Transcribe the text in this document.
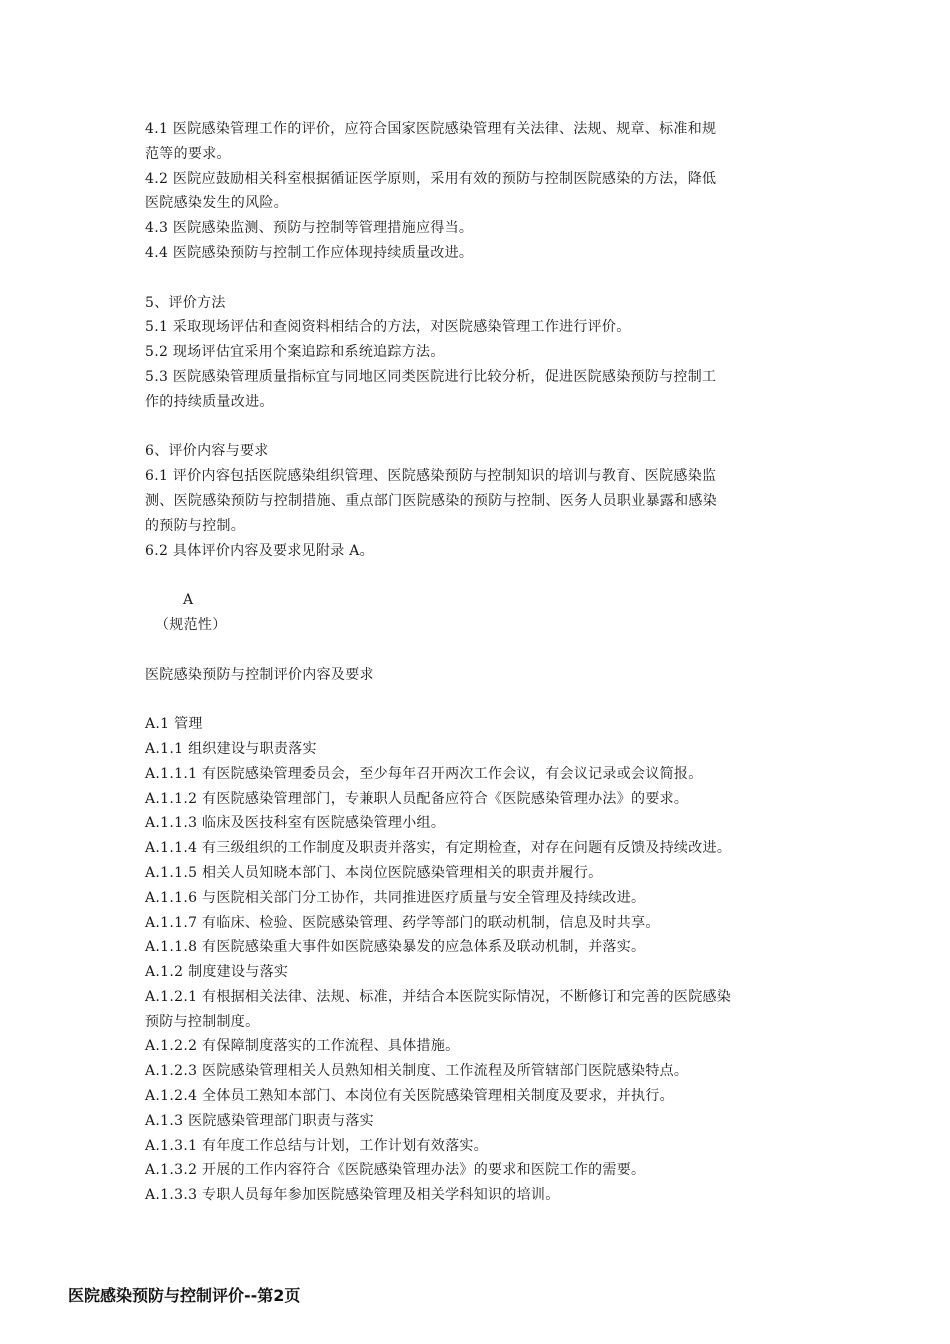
4.1 医院感染管理工作的评价，应符合国家医院感染管理有关法律、法规、规章、标准和规
范等的要求。
4.2 医院应鼓励相关科室根据循证医学原则，采用有效的预防与控制医院感染的方法，降低
医院感染发生的风险。
4.3 医院感染监测、预防与控制等管理措施应得当。
4.4 医院感染预防与控制工作应体现持续质量改进。
5、评价方法
5.1 采取现场评估和查阅资料相结合的方法，对医院感染管理工作进行评价。
5.2 现场评估宜采用个案追踪和系统追踪方法。
5.3 医院感染管理质量指标宜与同地区同类医院进行比较分析，促进医院感染预防与控制工
作的持续质量改进。
6、评价内容与要求
6.1 评价内容包括医院感染组织管理、医院感染预防与控制知识的培训与教育、医院感染监
测、医院感染预防与控制措施、重点部门医院感染的预防与控制、医务人员职业暴露和感染
的预防与控制。
6.2 具体评价内容及要求见附录 A。
A
（规范性）
医院感染预防与控制评价内容及要求
A.1 管理
A.1.1 组织建设与职责落实
A.1.1.1 有医院感染管理委员会，至少每年召开两次工作会议，有会议记录或会议简报。
A.1.1.2 有医院感染管理部门，专兼职人员配备应符合《医院感染管理办法》的要求。
A.1.1.3 临床及医技科室有医院感染管理小组。
A.1.1.4 有三级组织的工作制度及职责并落实，有定期检查，对存在问题有反馈及持续改进。
A.1.1.5 相关人员知晓本部门、本岗位医院感染管理相关的职责并履行。
A.1.1.6 与医院相关部门分工协作，共同推进医疗质量与安全管理及持续改进。
A.1.1.7 有临床、检验、医院感染管理、药学等部门的联动机制，信息及时共享。
A.1.1.8 有医院感染重大事件如医院感染暴发的应急体系及联动机制，并落实。
A.1.2 制度建设与落实
A.1.2.1 有根据相关法律、法规、标准，并结合本医院实际情况，不断修订和完善的医院感染
预防与控制制度。
A.1.2.2 有保障制度落实的工作流程、具体措施。
A.1.2.3 医院感染管理相关人员熟知相关制度、工作流程及所管辖部门医院感染特点。
A.1.2.4 全体员工熟知本部门、本岗位有关医院感染管理相关制度及要求，并执行。
A.1.3 医院感染管理部门职责与落实
A.1.3.1 有年度工作总结与计划，工作计划有效落实。
A.1.3.2 开展的工作内容符合《医院感染管理办法》的要求和医院工作的需要。
A.1.3.3 专职人员每年参加医院感染管理及相关学科知识的培训。
医院感染预防与控制评价--第2页
